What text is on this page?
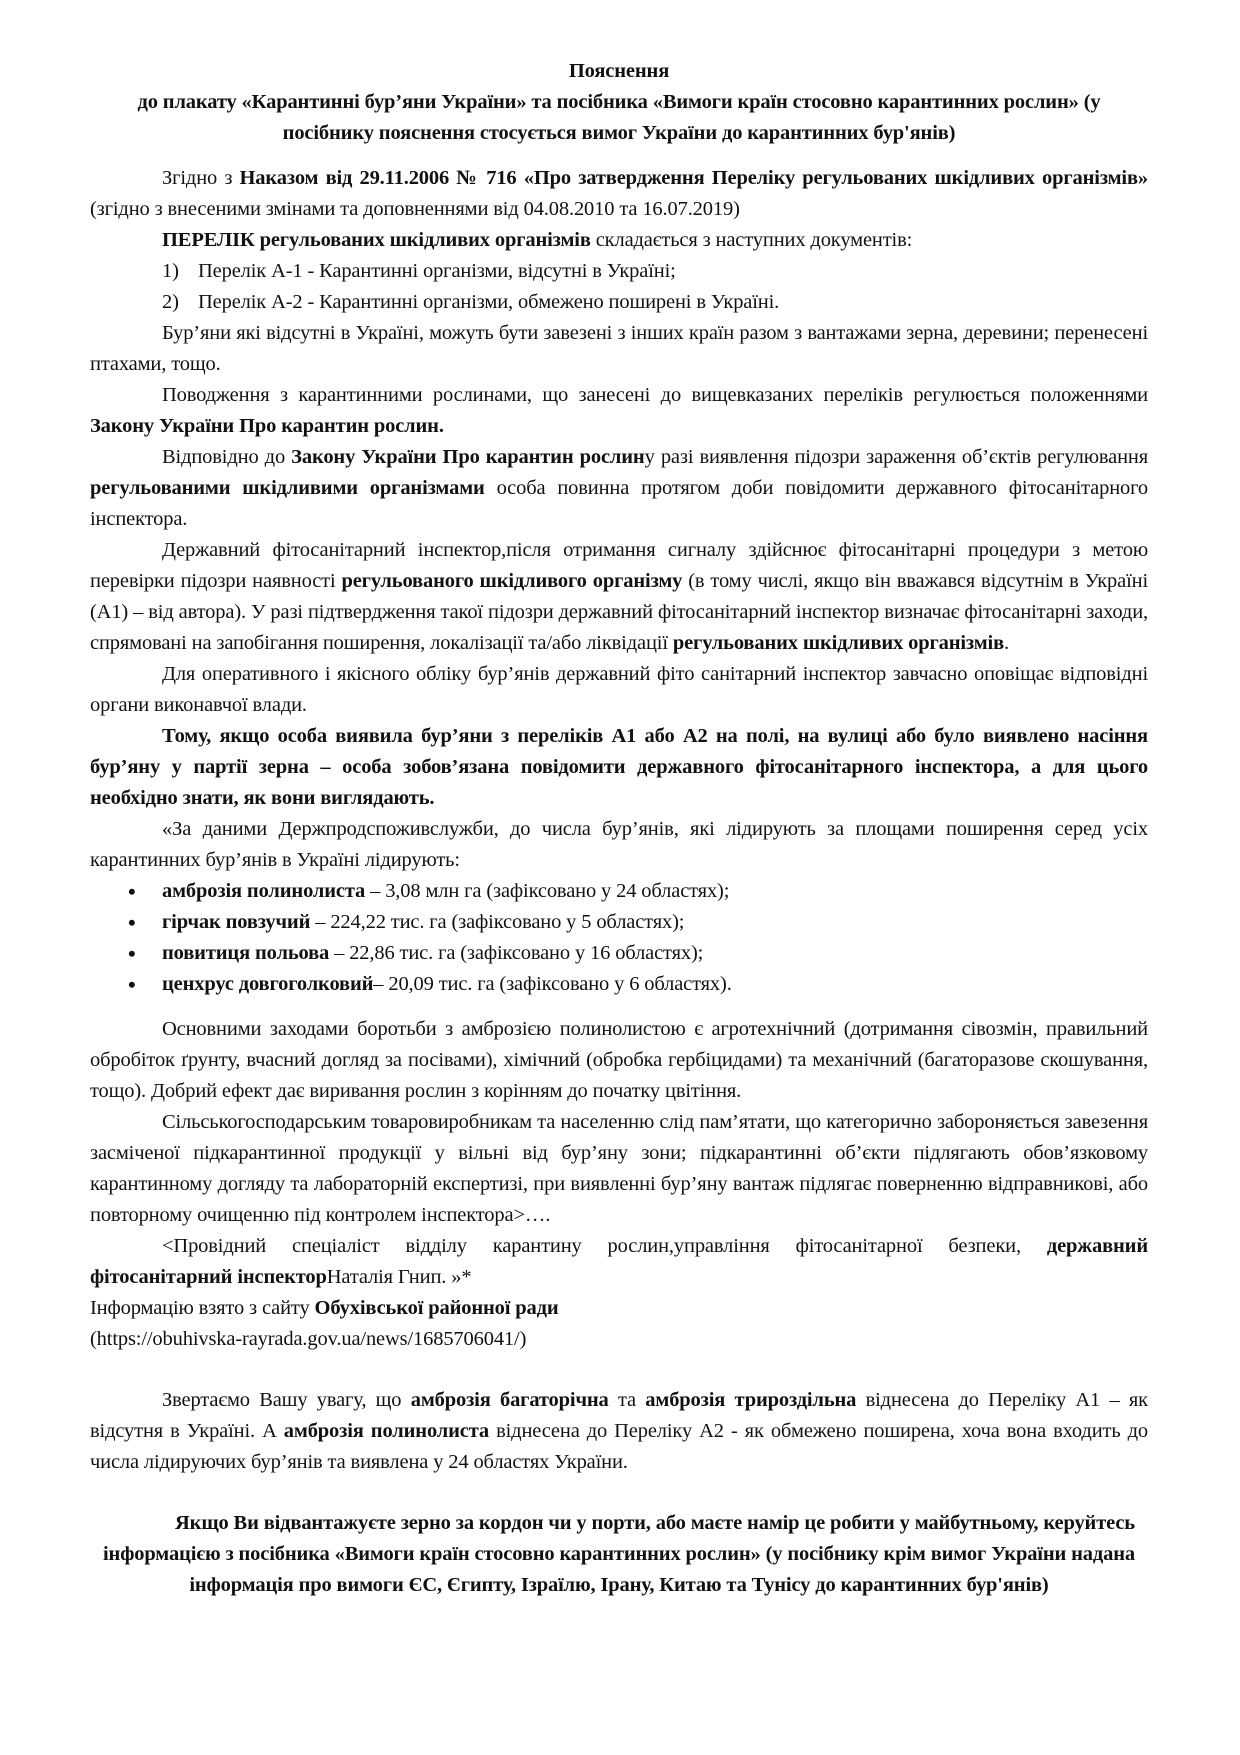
Пояснення
до плакату «Карантинні бур’яни України» та посібника «Вимоги країн стосовно карантинних рослин» (у посібнику пояснення стосується вимог України до карантинних бур'янів)

Згідно з Наказом від 29.11.2006 № 716 «Про затвердження Переліку регульованих шкідливих організмів» (згідно з внесеними змінами та доповненнями від 04.08.2010 та 16.07.2019)

ПЕРЕЛІК регульованих шкідливих організмів складається з наступних документів:

1) Перелік А-1 - Карантинні організми, відсутні в Україні;
2) Перелік А-2 - Карантинні організми, обмежено поширені в Україні.

Бур’яни які відсутні в Україні, можуть бути завезені з інших країн разом з вантажами зерна, деревини; перенесені птахами, тощо.

Поводження з карантинними рослинами, що занесені до вищевказаних переліків регулюється положеннями Закону України Про карантин рослин.

Відповідно до Закону України Про карантин рослину разі виявлення підозри зараження об’єктів регулювання регульованими шкідливими організмами особа повинна протягом доби повідомити державного фітосанітарного інспектора.

Державний фітосанітарний інспектор,після отримання сигналу здійснює фітосанітарні процедури з метою перевірки підозри наявності регульованого шкідливого організму (в тому числі, якщо він вважався відсутнім в Україні (А1) – від автора). У разі підтвердження такої підозри державний фітосанітарний інспектор визначає фітосанітарні заходи, спрямовані на запобігання поширення, локалізації та/або ліквідації регульованих шкідливих організмів.

Для оперативного і якісного обліку бур’янів державний фіто санітарний інспектор завчасно оповіщає відповідні органи виконавчої влади.

Тому, якщо особа виявила бур’яни з переліків А1 або А2 на полі, на вулиці або було виявлено насіння бур’яну у партії зерна – особа зобов’язана повідомити державного фітосанітарного інспектора, а для цього необхідно знати, як вони виглядають.

«За даними Держпродспоживслужби, до числа бур’янів, які лідирують за площами поширення серед усіх карантинних бур’янів в Україні лідирують:

• амброзія полинолиста – 3,08 млн га (зафіксовано у 24 областях);
• гірчак повзучий – 224,22 тис. га (зафіксовано у 5 областях);
• повитиця польова – 22,86 тис. га (зафіксовано у 16 областях);
• ценхрус довгоголковий– 20,09 тис. га (зафіксовано у 6 областях).

Основними заходами боротьби з амброзією полинолистою є агротехнічний (дотримання сівозмін, правильний обробіток ґрунту, вчасний догляд за посівами), хімічний (обробка гербіцидами) та механічний (багаторазове скошування, тощо). Добрий ефект дає виривання рослин з корінням до початку цвітіння.

Сільськогосподарським товаровиробникам та населенню слід пам’ятати, що категорично забороняється завезення засміченої підкарантинної продукції у вільні від бур’яну зони; підкарантинні об’єкти підлягають обов’язковому карантинному догляду та лабораторній експертизі, при виявленні бур’яну вантаж підлягає поверненню відправникові, або повторному очищенню під контролем інспектора>….

<Провідний спеціаліст відділу карантину рослин,управління фітосанітарної безпеки, державний фітосанітарний інспекторНаталія Гнип. »*

Інформацію взято з сайту Обухівської районної ради (https://obuhivska-rayrada.gov.ua/news/1685706041/)

Звертаємо Вашу увагу, що амброзія багаторічна та амброзія трироздільна віднесена до Переліку А1 – як відсутня в Україні. А амброзія полинолиста віднесена до Переліку А2 - як обмежено поширена, хоча вона входить до числа лідируючих бур’янів та виявлена у 24 областях України.

Якщо Ви відвантажуєте зерно за кордон чи у порти, або маєте намір це робити у майбутньому, керуйтесь інформацією з посібника «Вимоги країн стосовно карантинних рослин» (у посібнику крім вимог України надана інформація про вимоги ЄС, Єгипту, Ізраїлю, Ірану, Китаю та Тунісу до карантинних бур'янів)
